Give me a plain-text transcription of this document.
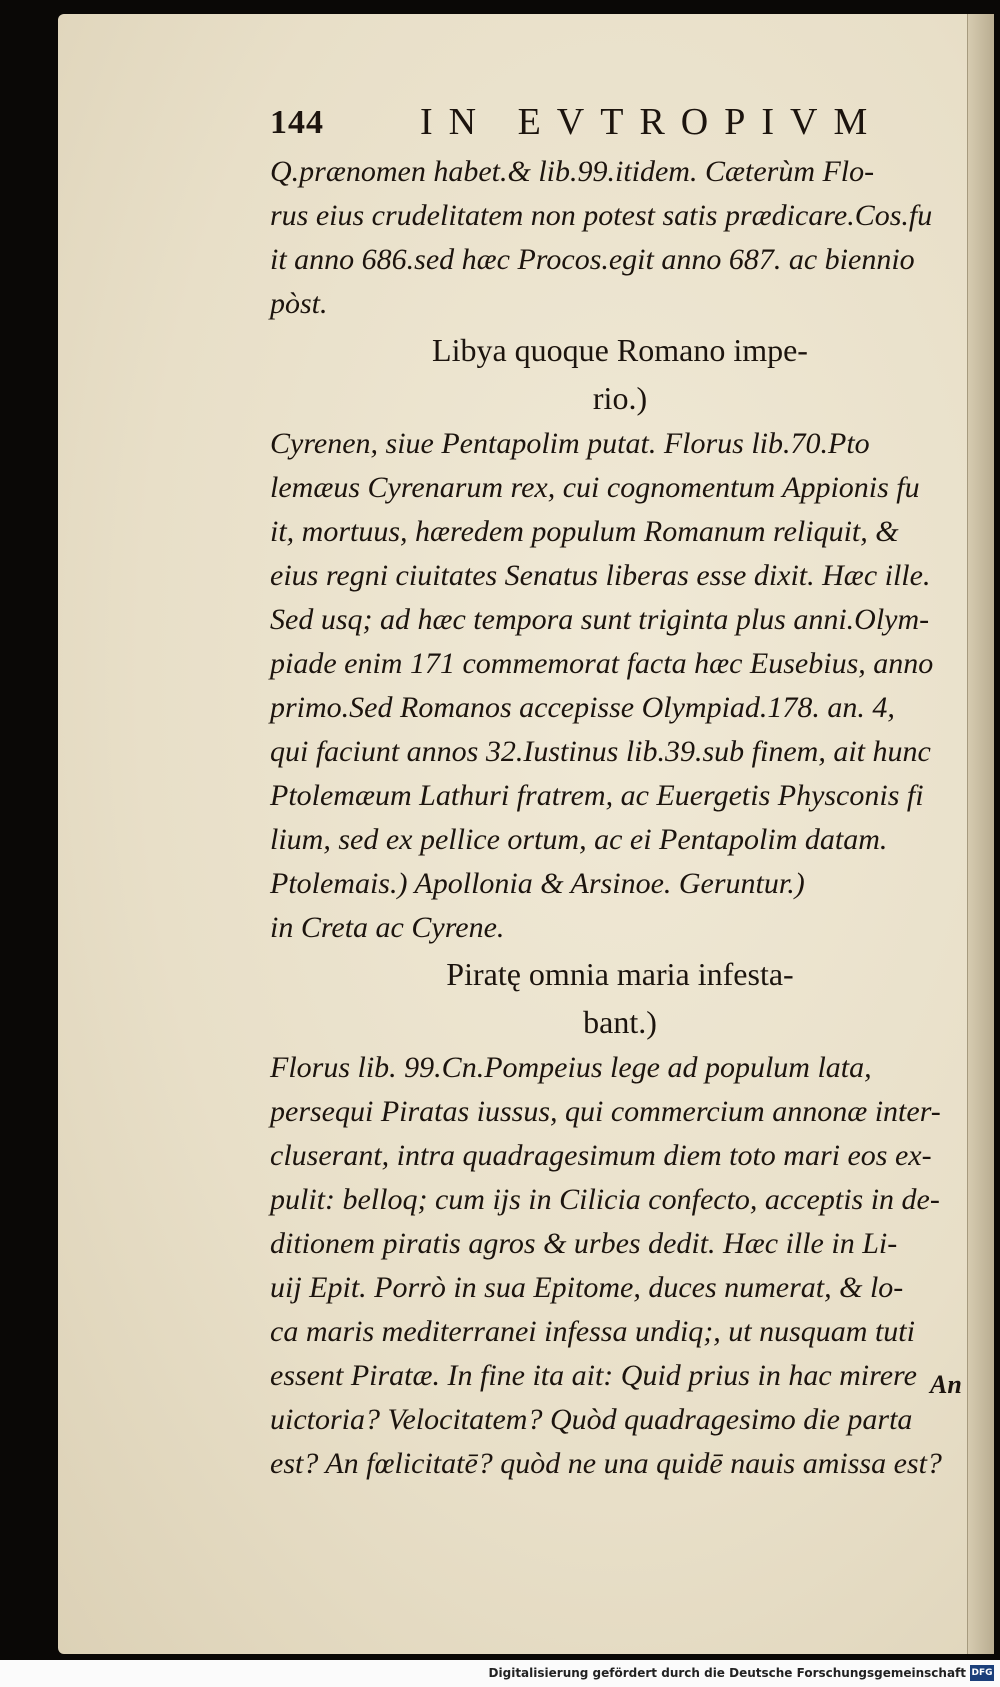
144	IN EVTROPIVM
Q.prænomen habet.& lib.99.itidem. Cæterùm Flo-
rus eius crudelitatem non potest satis prædicare.Cos.fu
it anno 686.sed hæc Procos.egit anno 687. ac biennio
pòst.
Libya quoque Romano impe-
rio.)
Cyrenen, siue Pentapolim putat. Florus lib.70.Pto
lemæus Cyrenarum rex, cui cognomentum Appionis fu
it, mortuus, hæredem populum Romanum reliquit, &
eius regni ciuitates Senatus liberas esse dixit. Hæc ille.
Sed usq; ad hæc tempora sunt triginta plus anni.Olym-
piade enim 171 commemorat facta hæc Eusebius, anno
primo.Sed Romanos accepisse Olympiad.178. an. 4,
qui faciunt annos 32.Iustinus lib.39.sub finem, ait hunc
Ptolemæum Lathuri fratrem, ac Euergetis Physconis fi
lium, sed ex pellice ortum, ac ei Pentapolim datam.
Ptolemais.) Apollonia & Arsinoe. Geruntur.)
in Creta ac Cyrene.
Piratę omnia maria infesta-
bant.)
Florus lib. 99.Cn.Pompeius lege ad populum lata,
persequi Piratas iussus, qui commercium annonæ inter-
cluserant, intra quadragesimum diem toto mari eos ex-
pulit: belloq; cum ijs in Cilicia confecto, acceptis in de-
ditionem piratis agros & urbes dedit. Hæc ille in Li-
uij Epit. Porrò in sua Epitome, duces numerat, & lo-
ca maris mediterranei infessa undiq;, ut nusquam tuti
essent Piratæ. In fine ita ait: Quid prius in hac mirere
uictoria? Velocitatem? Quòd quadragesimo die parta
est? An fœlicitatē? quòd ne una quidē nauis amissa est?
An
Digitalisierung gefördert durch die Deutsche Forschungsgemeinschaft DFG
